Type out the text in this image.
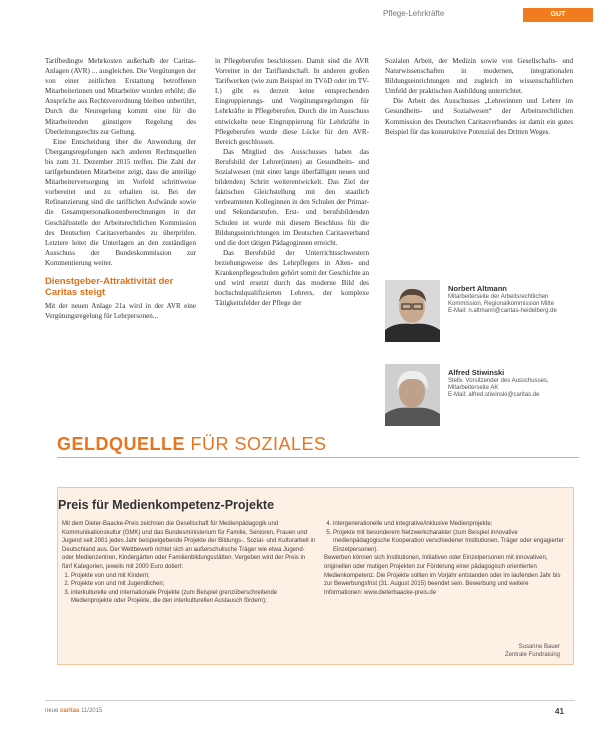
Pflege-Lehrkräfte	GUT

Tarifbedingte Mehrkosten außerhalb der Caritas-Anlagen (AVR) ... ausgleichen. Die Vergütungen der von einer zeitlichen Erstattung betroffenen Mitarbeiterinnen und Mitarbeiter wurden erhöht; die Ansprüche aus Rechtsverordnung bleiben unberührt, Durch die Neuregelung kommt eine für die Mitarbeitenden günstigere Regelung des Überleitungsrechts zur Geltung.

Eine Entscheidung über die Anwendung der Übergangsregelungen nach anderen Rechtsquellen bis zum 31. Dezember 2015 treffen. Die Zahl der tarifgebundenen Mitarbeiter zeigt, dass die anteilige Mitarbeiterversorgung im Vorfeld schrittweise vorbereitet und zu erhalten ist. Bei der Refinanzierung sind die tariflichen Aufwände sowie die Gesamtpersonalkostenberechnungen in der Geschäftsstelle der Arbeitsrechtlichen Kommission des Deutschen Caritasverbandes zu überprüfen. Letztere leitet die Unterlagen an den zuständigen Ausschuss der Bundeskommission zur Kommentierung weiter.

Dienstgeber-Attraktivität der Caritas steigt

Mit der neuen Anlage 21a wird in der AVR eine Vergütungsregelung für Lehrpersonen...

in Pflegeberufen beschlossen. Damit sind die AVR Vorreiter in der Tariflandschaft. In anderen großen Tarifwerken (wie zum Beispiel im TVöD oder im TV-L) gibt es derzeit keine entsprechenden Eingruppierungs- und Vergütungsregelungen für Lehrkräfte in Pflegeberufen. Durch die im Ausschuss entwickelte neue Eingruppierung für Lehrkräfte in Pflegeberufen wurde diese Lücke für den AVR-Bereich geschlossen.

Das Mitglied des Ausschusses haben das Berufsbild der Lehrer(innen) an Gesundheits- und Sozialwesen (mit einer lange überfälligen neuen und bildenden) Schritt weiterentwickelt. Das Ziel der faktischen Gleichstellung mit den staatlich verbeamteten Kolleginnen in den Schulen der Primar- und Sekundarstufen. Erst- und berufsbildenden Schulen ist wurde mit diesem Beschluss für die Bildungseinrichtungen im Deutschen Caritasverband und die dort tätigen Pädagoginnen erreicht.

Das Berufsbild der Unterrichtsschwestern beziehungsweise des Lehrpflegers in Alten- und Krankenpflegeschulen gehört somit der Geschichte an und wird ersetzt durch das moderne Bild des hochschulqualifizierten Lehrers, der komplexe Tätigkeitsfelder der Pflege der

Sozialen Arbeit, der Medizin sowie von Gesellschafts- und Naturwissenschaften in modernen, integrationalen Bildungseinrichtungen und zugleich im wissenschaftlichen Umfeld der praktischen Ausbildung unterrichtet.

Die Arbeit des Ausschusses „Lehrerinnen und Lehrer im Gesundheits- und Sozialwesen“ der Arbeitsrechtlichen Kommission des Deutschen Caritasverbandes ist damit ein gutes Beispiel für das konstruktive Potenzial des Dritten Weges.

Norbert Altmann
Mitarbeiterseite der Arbeitsrechtlichen Kommission, Regionalkommission Mitte
E-Mail: n.altmann@caritas-heidelberg.de
Alfred Stiwinski
Stellv. Vorsitzender des Ausschusses, Mitarbeiterseite AK
E-Mail: alfred.stiwinski@caritas.de
GELDQUELLE FÜR SOZIALES
Preis für Medienkompetenz-Projekte
Mit dem Dieter-Baacke-Preis zeichnen die Gesellschaft für Medienpädagogik und Kommunikationskultur (GMK) und das Bundesministerium für Familie, Senioren, Frauen und Jugend seit 2001 jedes Jahr beispielgebende Projekte der Bildungs-, Sozial- und Kulturarbeit in Deutschland aus. Der Wettbewerb richtet sich an außerschulische Träger wie etwa Jugend- oder Medienzentren, Kindergärten oder Familienbildungsstätten. Vergeben wird der Preis in fünf Kategorien, jeweils mit 2000 Euro dotiert:
1. Projekte von und mit Kindern;
2. Projekte von und mit Jugendlichen;
3. interkulturelle und internationale Projekte (zum Beispiel grenzüberschreitende Medienprojekte oder Projekte, die den interkulturellen Austausch fördern);
4. intergenerationelle und integrative/inklusive Medienprojekte;
5. Projekte mit besonderem Netzwerkcharakter (zum Beispiel innovative medienpädagogische Kooperation verschiedener Institutionen, Träger oder engagierter Einzelpersonen).
Bewerben können sich Institutionen, Initiativen oder Einzelpersonen mit innovativen, originellen oder mutigen Projekten zur Förderung einer pädagogisch orientierten Medienkompetenz. Die Projekte sollten im Vorjahr entstanden oder im laufenden Jahr bis zur Bewerbungsfrist (31. August 2015) beendet sein. Bewerbung und weitere Informationen: www.dieterbaacke-preis.de
Susanne Bauer
Zentrale Fundraising
neue caritas 11/2015	41
